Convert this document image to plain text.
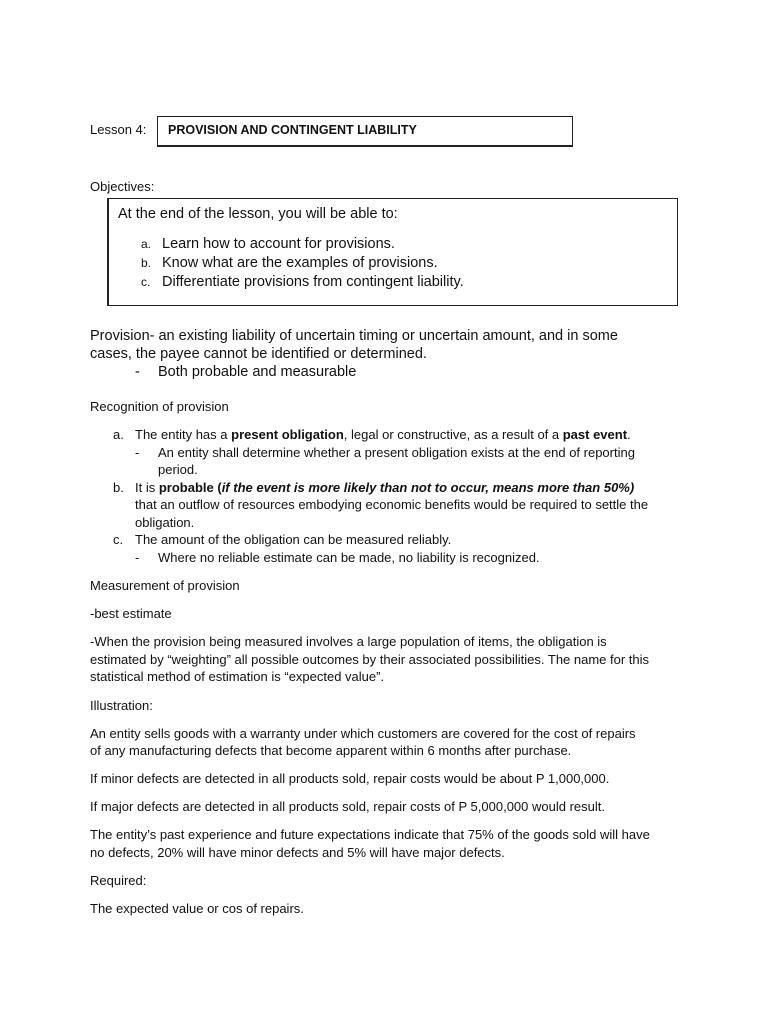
Lesson 4: PROVISION AND CONTINGENT LIABILITY
Objectives:
At the end of the lesson, you will be able to:
a. Learn how to account for provisions.
b. Know what are the examples of provisions.
c. Differentiate provisions from contingent liability.
Provision- an existing liability of uncertain timing or uncertain amount, and in some
cases, the payee cannot be identified or determined.
- Both probable and measurable
Recognition of provision
a. The entity has a present obligation, legal or constructive, as a result of a past event.
- An entity shall determine whether a present obligation exists at the end of reporting
period.
b. It is probable (if the event is more likely than not to occur, means more than 50%)
that an outflow of resources embodying economic benefits would be required to settle the
obligation.
c. The amount of the obligation can be measured reliably.
- Where no reliable estimate can be made, no liability is recognized.
Measurement of provision
-best estimate
-When the provision being measured involves a large population of items, the obligation is
estimated by “weighting” all possible outcomes by their associated possibilities. The name for this
statistical method of estimation is “expected value”.
Illustration:
An entity sells goods with a warranty under which customers are covered for the cost of repairs
of any manufacturing defects that become apparent within 6 months after purchase.
If minor defects are detected in all products sold, repair costs would be about P 1,000,000.
If major defects are detected in all products sold, repair costs of P 5,000,000 would result.
The entity’s past experience and future expectations indicate that 75% of the goods sold will have
no defects, 20% will have minor defects and 5% will have major defects.
Required:
The expected value or cos of repairs.
